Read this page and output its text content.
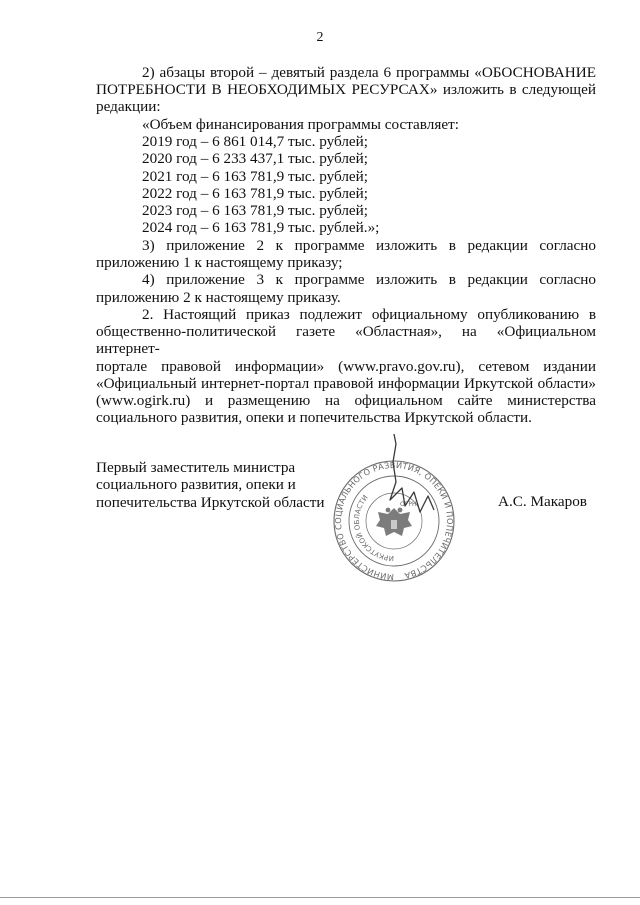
2

2) абзацы второй – девятый раздела 6 программы «ОБОСНОВАНИЕ

ПОТРЕБНОСТИ В НЕОБХОДИМЫХ РЕСУРСАХ» изложить в следующей

редакции:

«Объем финансирования программы составляет:

2019 год – 6 861 014,7 тыс. рублей;

2020 год – 6 233 437,1 тыс. рублей;

2021 год – 6 163 781,9 тыс. рублей;

2022 год – 6 163 781,9 тыс. рублей;

2023 год – 6 163 781,9 тыс. рублей;

2024 год – 6 163 781,9 тыс. рублей.»;

3) приложение 2 к программе изложить в редакции согласно

приложению 1 к настоящему приказу;

4) приложение 3 к программе изложить в редакции согласно

приложению 2 к настоящему приказу.

2. Настоящий приказ подлежит официальному опубликованию в

общественно-политической газете «Областная», на «Официальном интернет-

портале правовой информации» (www.pravo.gov.ru), сетевом издании

«Официальный интернет-портал правовой информации Иркутской области»

(www.ogirk.ru) и размещению на официальном сайте министерства

социального развития, опеки и попечительства Иркутской области.

Первый заместитель министра
социального развития, опеки и
попечительства Иркутской области	А.С. Макаров
МИНИСТЕРСТВО СОЦИАЛЬНОГО РАЗВИТИЯ, ОПЕКИ И ПОПЕЧИТЕЛЬСТВА
ИРКУТСКОЙ ОБЛАСТИ
ОГРН
